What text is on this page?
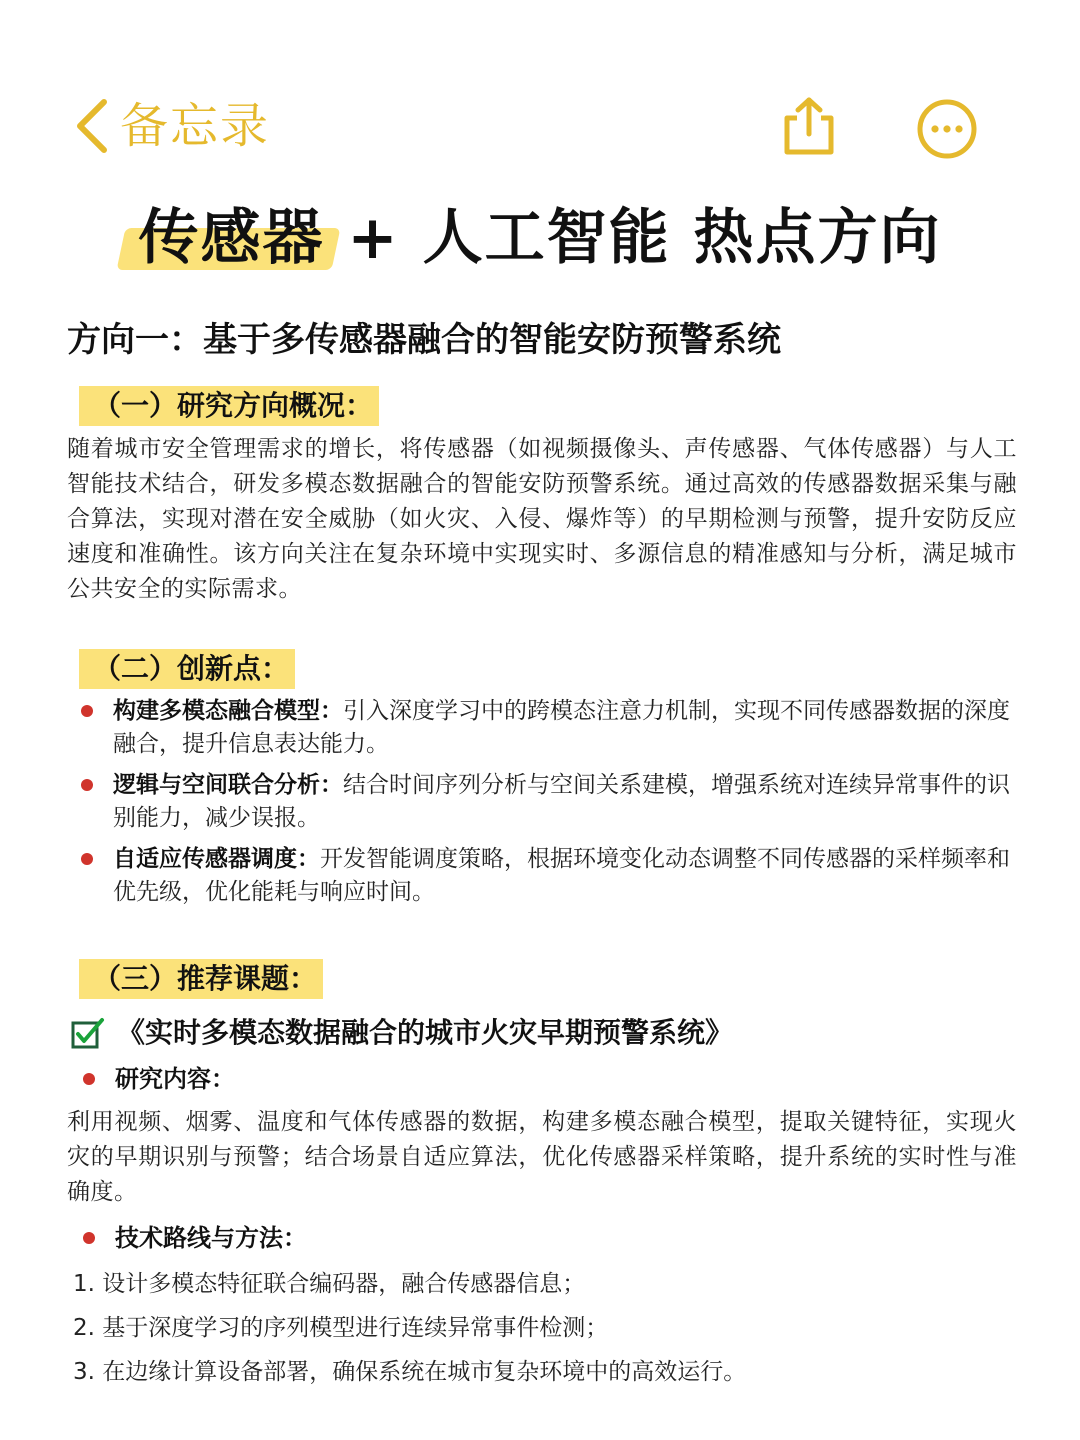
备忘录
传感器 + 人工智能 热点方向
方向一：基于多传感器融合的智能安防预警系统
（一）研究方向概况：

随着城市安全管理需求的增长，将传感器（如视频摄像头、声传感器、气体传感器）与人工智能技术结合，研发多模态数据融合的智能安防预警系统。通过高效的传感器数据采集与融合算法，实现对潜在安全威胁（如火灾、入侵、爆炸等）的早期检测与预警，提升安防反应速度和准确性。该方向关注在复杂环境中实现实时、多源信息的精准感知与分析，满足城市公共安全的实际需求。

（二）创新点：
构建多模态融合模型：引入深度学习中的跨模态注意力机制，实现不同传感器数据的深度融合，提升信息表达能力。
逻辑与空间联合分析：结合时间序列分析与空间关系建模，增强系统对连续异常事件的识别能力，减少误报。
自适应传感器调度：开发智能调度策略，根据环境变化动态调整不同传感器的采样频率和优先级，优化能耗与响应时间。
（三）推荐课题：
《实时多模态数据融合的城市火灾早期预警系统》
研究内容：

利用视频、烟雾、温度和气体传感器的数据，构建多模态融合模型，提取关键特征，实现火灾的早期识别与预警；结合场景自适应算法，优化传感器采样策略，提升系统的实时性与准确度。

技术路线与方法：
1. 设计多模态特征联合编码器，融合传感器信息；
2. 基于深度学习的序列模型进行连续异常事件检测；
3. 在边缘计算设备部署，确保系统在城市复杂环境中的高效运行。
